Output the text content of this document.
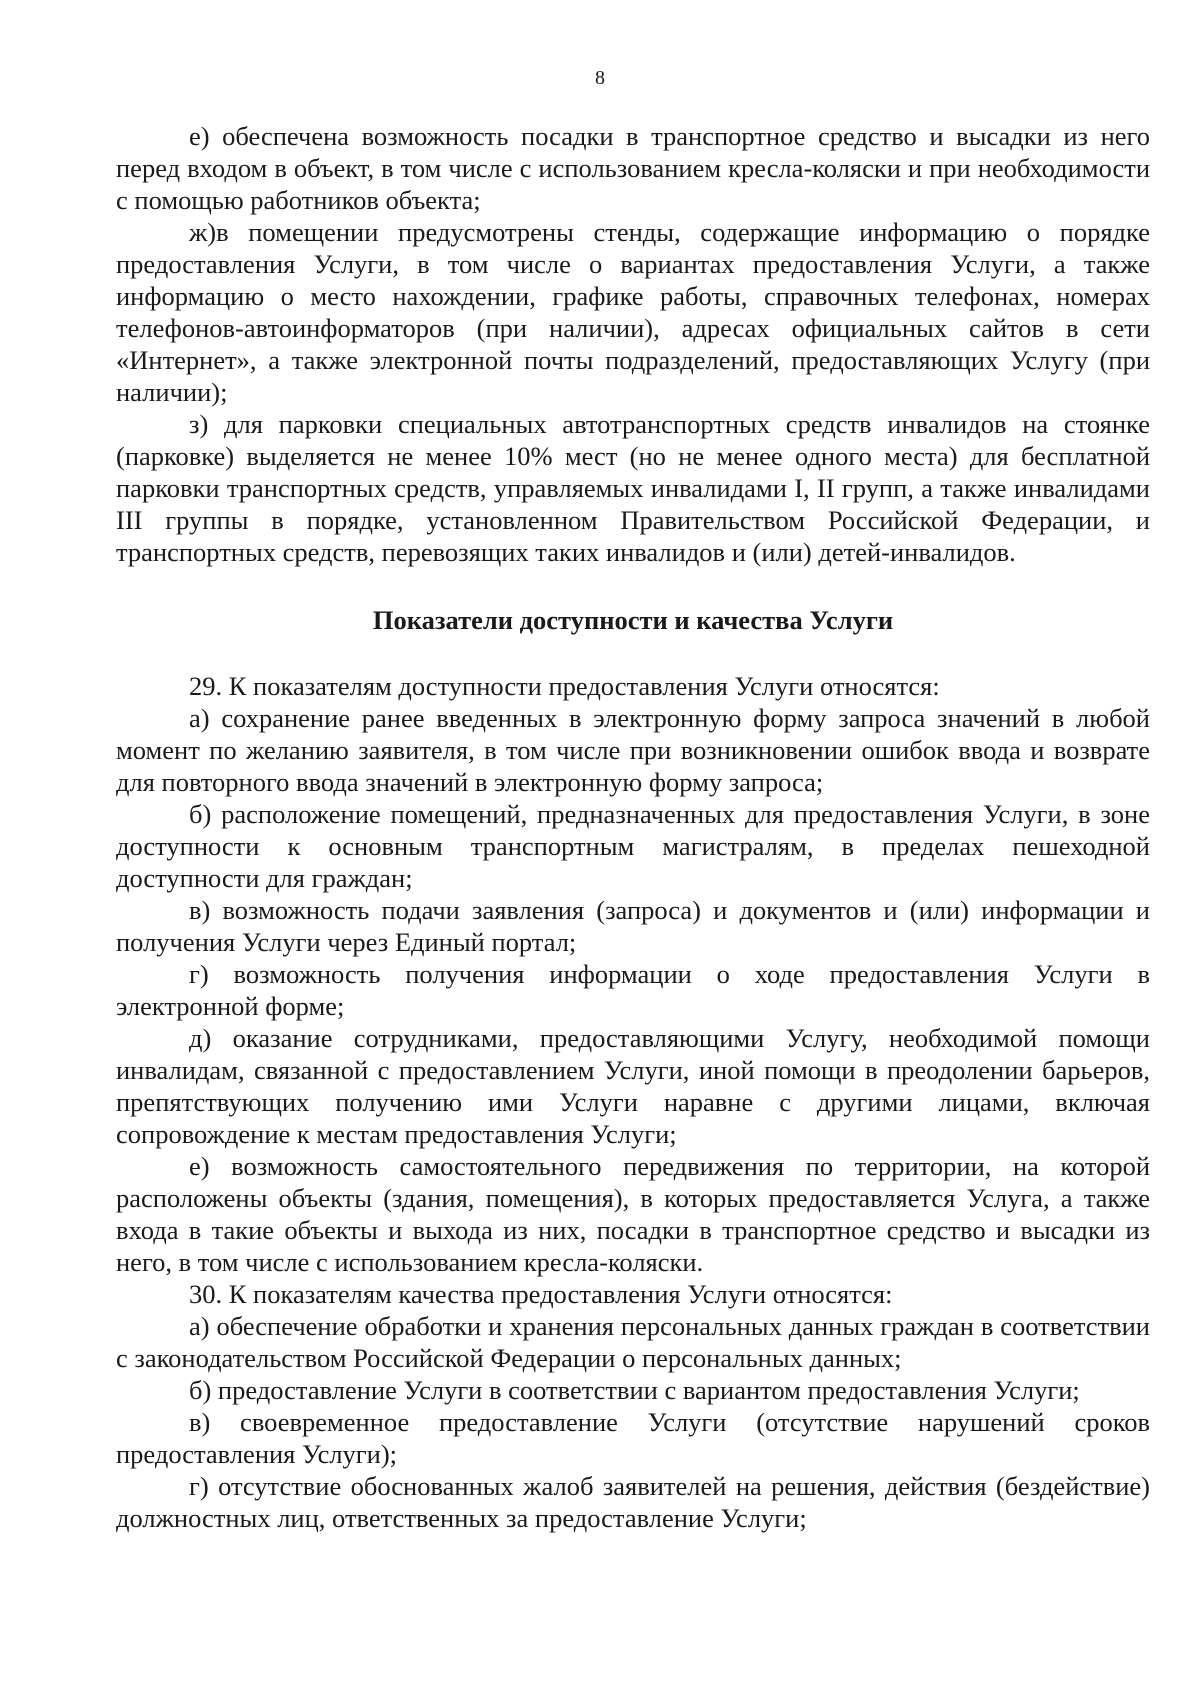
8

е) обеспечена возможность посадки в транспортное средство и высадки из него перед входом в объект, в том числе с использованием кресла-коляски и при необходимости с помощью работников объекта;

ж)в помещении предусмотрены стенды, содержащие информацию о порядке предоставления Услуги, в том числе о вариантах предоставления Услуги, а также информацию о место нахождении, графике работы, справочных телефонах, номерах телефонов-автоинформаторов (при наличии), адресах официальных сайтов в сети «Интернет», а также электронной почты подразделений, предоставляющих Услугу (при наличии);

з) для парковки специальных автотранспортных средств инвалидов на стоянке (парковке) выделяется не менее 10% мест (но не менее одного места) для бесплатной парковки транспортных средств, управляемых инвалидами I, II групп, а также инвалидами III группы в порядке, установленном Правительством Российской Федерации, и транспортных средств, перевозящих таких инвалидов и (или) детей-инвалидов.

Показатели доступности и качества Услуги

29. К показателям доступности предоставления Услуги относятся:

а) сохранение ранее введенных в электронную форму запроса значений в любой момент по желанию заявителя, в том числе при возникновении ошибок ввода и возврате для повторного ввода значений в электронную форму запроса;

б) расположение помещений, предназначенных для предоставления Услуги, в зоне доступности к основным транспортным магистралям, в пределах пешеходной доступности для граждан;

в) возможность подачи заявления (запроса) и документов и (или) информации и получения Услуги через Единый портал;

г) возможность получения информации о ходе предоставления Услуги в электронной форме;

д) оказание сотрудниками, предоставляющими Услугу, необходимой помощи инвалидам, связанной с предоставлением Услуги, иной помощи в преодолении барьеров, препятствующих получению ими Услуги наравне с другими лицами, включая сопровождение к местам предоставления Услуги;

е) возможность самостоятельного передвижения по территории, на которой расположены объекты (здания, помещения), в которых предоставляется Услуга, а также входа в такие объекты и выхода из них, посадки в транспортное средство и высадки из него, в том числе с использованием кресла-коляски.

30. К показателям качества предоставления Услуги относятся:

а) обеспечение обработки и хранения персональных данных граждан в соответствии с законодательством Российской Федерации о персональных данных;

б) предоставление Услуги в соответствии с вариантом предоставления Услуги;

в) своевременное предоставление Услуги (отсутствие нарушений сроков предоставления Услуги);

г) отсутствие обоснованных жалоб заявителей на решения, действия (бездействие) должностных лиц, ответственных за предоставление Услуги;
